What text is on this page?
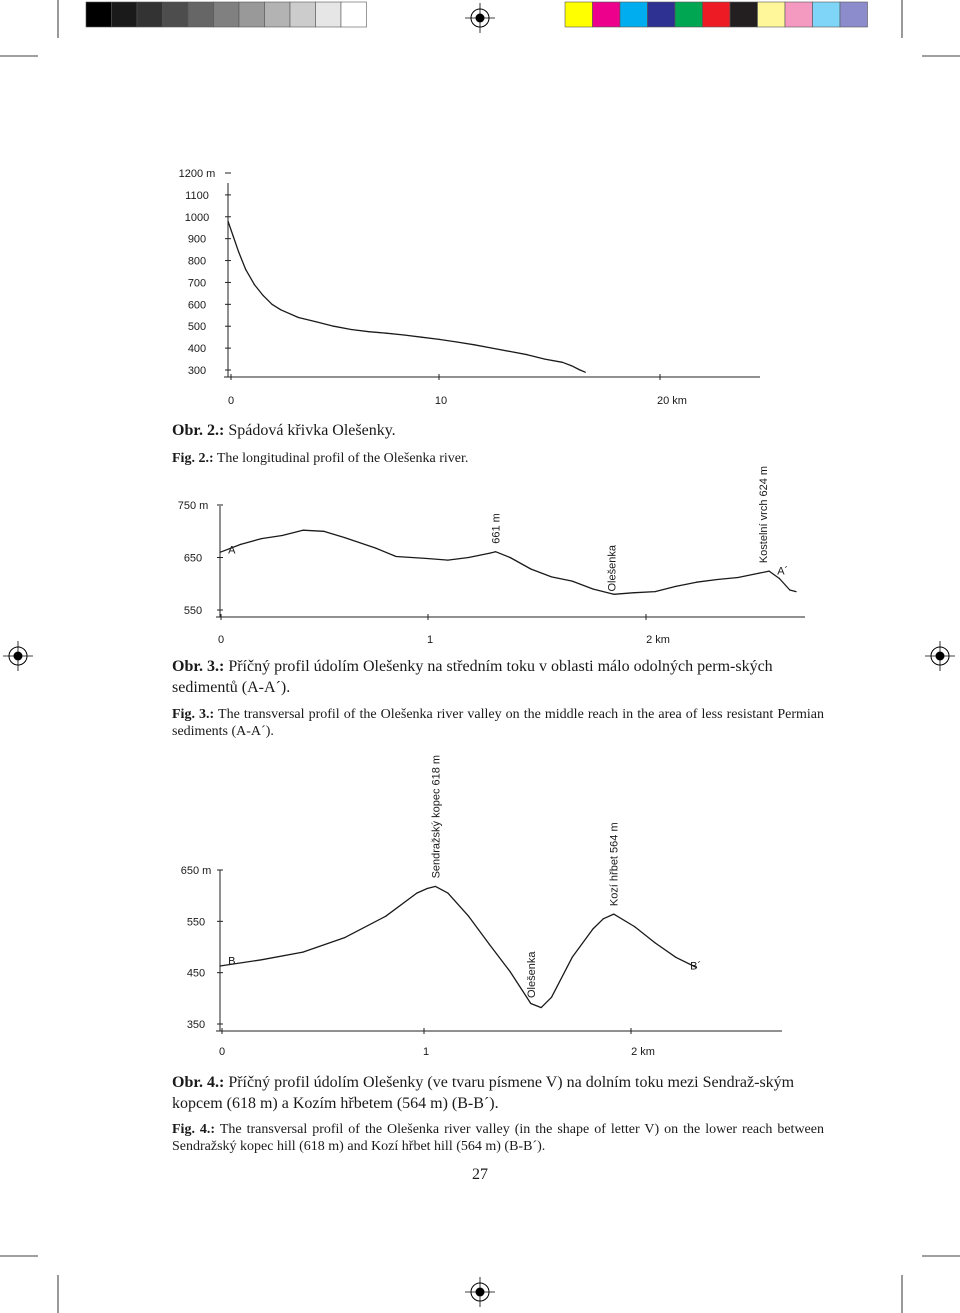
1200 m
1100
1000
900
800
700
600
500
400
300
0	10	20 km
750 m
650
550
0	1	2 km
A
661 m
Olešenka
Kostelní vrch 624 m
A´
650 m
550
450
350
0	1	2 km
B
Sendražský kopec 618 m
Olešenka
Kozí hřbet 564 m
B´
Obr. 2.: Spádová křivka Olešenky.
Fig. 2.: The longitudinal profil of the Olešenka river.
Obr. 3.: Příčný profil údolím Olešenky na středním toku v oblasti málo odolných perm-ských sedimentů (A-A´).
Fig. 3.: The transversal profil of the Olešenka river valley on the middle reach in the area of less resistant Permian sediments (A-A´).
Obr. 4.: Příčný profil údolím Olešenky (ve tvaru písmene V) na dolním toku mezi Sendraž-ským kopcem (618 m) a Kozím hřbetem (564 m) (B-B´).
Fig. 4.: The transversal profil of the Olešenka river valley (in the shape of letter V) on the lower reach between Sendražský kopec hill (618 m) and Kozí hřbet hill (564 m) (B-B´).
27
